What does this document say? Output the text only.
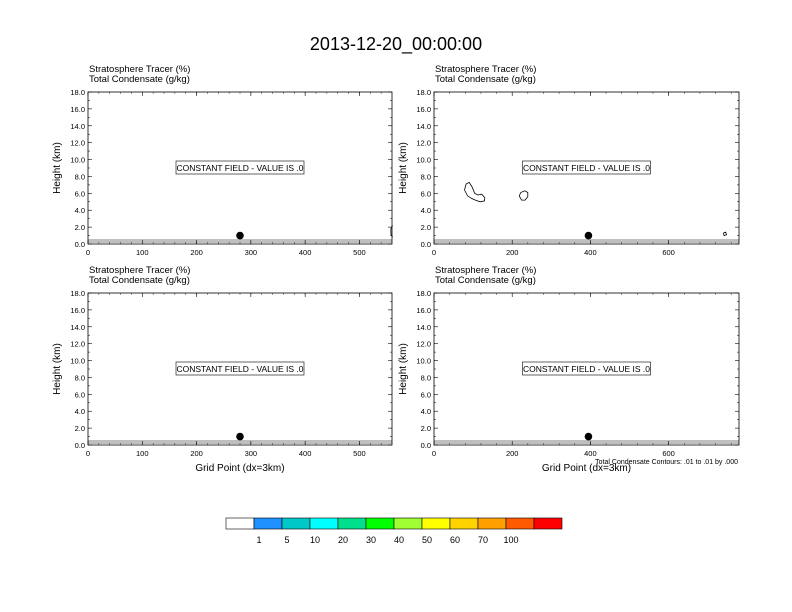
2013-12-20_00:00:00
Stratosphere Tracer (%)
Total Condensate (g/kg)
0.0
2.0
4.0
6.0
8.0
10.0
12.0
14.0
16.0
18.0
0	100	200	300	400	500
Height (km)	CONSTANT FIELD - VALUE IS .0
Stratosphere Tracer (%)
Total Condensate (g/kg)
0.0
2.0
4.0
6.0
8.0
10.0
12.0
14.0
16.0
18.0
0	200	400	600
Height (km)	CONSTANT FIELD - VALUE IS .0
Stratosphere Tracer (%)
Total Condensate (g/kg)
0.0
2.0
4.0
6.0
8.0
10.0
12.0
14.0
16.0
18.0
0	100	200	300	400	500
Height (km)
Grid Point (dx=3km)
CONSTANT FIELD - VALUE IS .0
Stratosphere Tracer (%)
Total Condensate (g/kg)
0.0
2.0
4.0
6.0
8.0
10.0
12.0
14.0
16.0
18.0
0	200	400	600
Height (km)
Grid Point (dx=3km)
CONSTANT FIELD - VALUE IS .0
Total Condensate Contours: .01 to .01 by .000
1	5 10 20 30 40 50 60 70 100
